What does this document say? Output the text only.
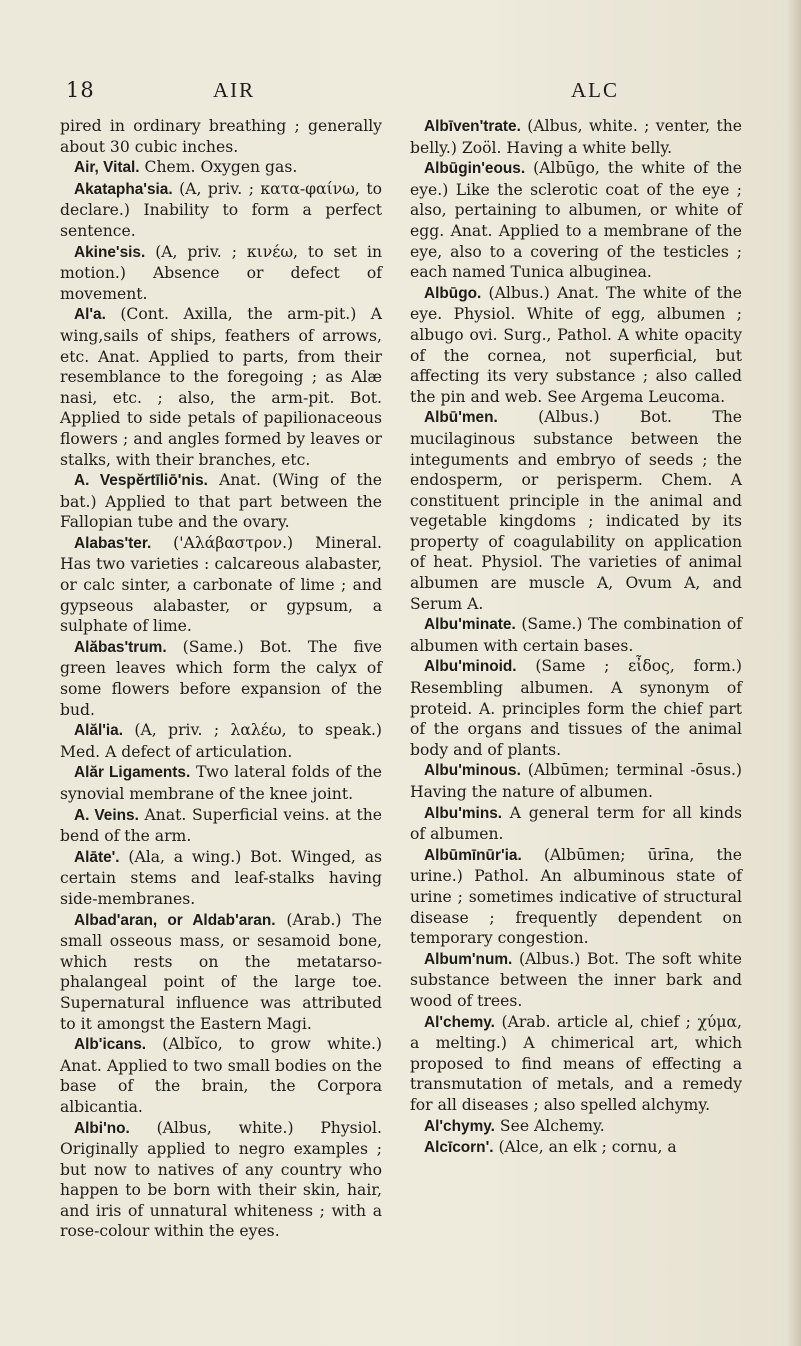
18	AIR	ALC

pired in ordinary breathing ; generally about 30 cubic inches.

Air, Vital. Chem. Oxygen gas.

Akatapha'sia. (A, priv. ; κατα-φαίνω, to declare.) Inability to form a perfect sentence.

Akine'sis. (A, priv. ; κινέω, to set in motion.) Absence or defect of movement.

Al'a. (Cont. Axilla, the arm-pit.) A wing,sails of ships, feathers of arrows, etc. Anat. Applied to parts, from their resemblance to the foregoing ; as Alæ nasi, etc. ; also, the arm-pit. Bot. Applied to side petals of papilionaceous flowers ; and angles formed by leaves or stalks, with their branches, etc.

A. Vespĕrtīliō'nis. Anat. (Wing of the bat.) Applied to that part between the Fallopian tube and the ovary.

Alabas'ter. ('Αλάβαστρον.) Mineral. Has two varieties : calcareous alabaster, or calc sinter, a carbonate of lime ; and gypseous alabaster, or gypsum, a sulphate of lime.

Alăbas'trum. (Same.) Bot. The five green leaves which form the calyx of some flowers before expansion of the bud.

Alăl'ia. (A, priv. ; λαλέω, to speak.) Med. A defect of articulation.

Alăr Ligaments. Two lateral folds of the synovial membrane of the knee joint.

A. Veins. Anat. Superficial veins. at the bend of the arm.

Alāte'. (Ala, a wing.) Bot. Winged, as certain stems and leaf-stalks having side-membranes.

Albad'aran, or Aldab'aran. (Arab.) The small osseous mass, or sesamoid bone, which rests on the metatarso-phalangeal point of the large toe. Supernatural influence was attributed to it amongst the Eastern Magi.

Alb'icans. (Albĭco, to grow white.) Anat. Applied to two small bodies on the base of the brain, the Corpora albicantia.

Albi'no. (Albus, white.) Physiol. Originally applied to negro examples ; but now to natives of any country who happen to be born with their skin, hair, and iris of unnatural whiteness ; with a rose-colour within the eyes.

Albīven'trate. (Albus, white. ; venter, the belly.) Zoöl. Having a white belly.

Albūgin'eous. (Albūgo, the white of the eye.) Like the sclerotic coat of the eye ; also, pertaining to albumen, or white of egg. Anat. Applied to a membrane of the eye, also to a covering of the testicles ; each named Tunica albuginea.

Albūgo. (Albus.) Anat. The white of the eye. Physiol. White of egg, albumen ; albugo ovi. Surg., Pathol. A white opacity of the cornea, not superficial, but affecting its very substance ; also called the pin and web. See Argema Leucoma.

Albū'men. (Albus.) Bot. The mucilaginous substance between the integuments and embryo of seeds ; the endosperm, or perisperm. Chem. A constituent principle in the animal and vegetable kingdoms ; indicated by its property of coagulability on application of heat. Physiol. The varieties of animal albumen are muscle A, Ovum A, and Serum A.

Albu'minate. (Same.) The combination of albumen with certain bases.

Albu'minoid. (Same ; εἶδος, form.) Resembling albumen. A synonym of proteid. A. principles form the chief part of the organs and tissues of the animal body and of plants.

Albu'minous. (Albūmen; terminal -ōsus.) Having the nature of albumen.

Albu'mins. A general term for all kinds of albumen.

Albūmīnūr'ia. (Albūmen; ūrīna, the urine.) Pathol. An albuminous state of urine ; sometimes indicative of structural disease ; frequently dependent on temporary congestion.

Album'num. (Albus.) Bot. The soft white substance between the inner bark and wood of trees.

Al'chemy. (Arab. article al, chief ; χύμα, a melting.) A chimerical art, which proposed to find means of effecting a transmutation of metals, and a remedy for all diseases ; also spelled alchymy.

Al'chymy. See Alchemy.

Alcīcorn'. (Alce, an elk ; cornu, a
